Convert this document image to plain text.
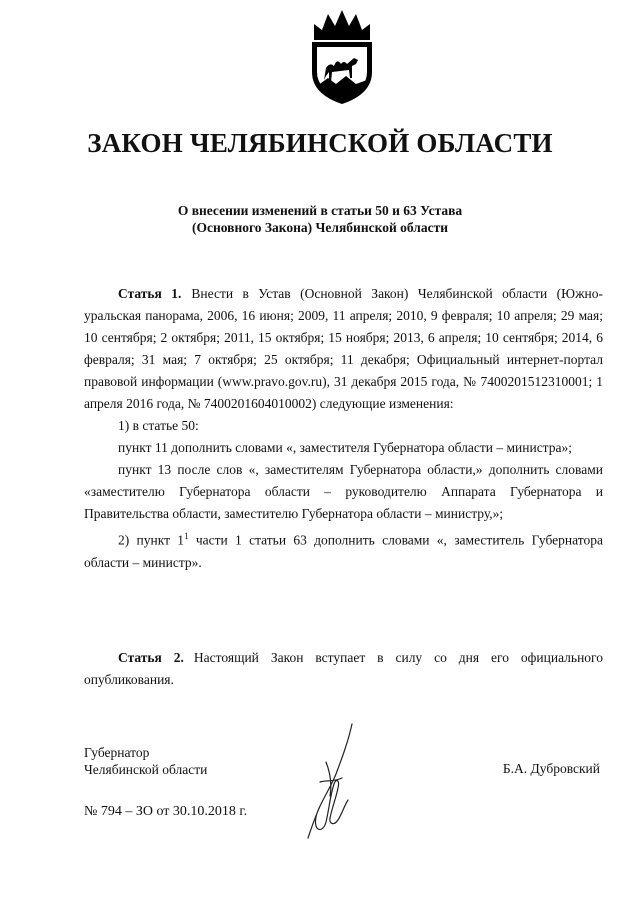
ЗАКОН ЧЕЛЯБИНСКОЙ ОБЛАСТИ
О внесении изменений в статьи 50 и 63 Устава
(Основного Закона) Челябинской области

Статья 1. Внести в Устав (Основной Закон) Челябинской области (Южно-уральская панорама, 2006, 16 июня; 2009, 11 апреля; 2010, 9 февраля; 10 апреля; 29 мая; 10 сентября; 2 октября; 2011, 15 октября; 15 ноября; 2013, 6 апреля; 10 сентября; 2014, 6 февраля; 31 мая; 7 октября; 25 октября; 11 декабря; Официальный интернет-портал правовой информации (www.pravo.gov.ru), 31 декабря 2015 года, № 7400201512310001; 1 апреля 2016 года, № 7400201604010002) следующие изменения:

1) в статье 50:

пункт 11 дополнить словами «, заместителя Губернатора области – министра»;

пункт 13 после слов «, заместителям Губернатора области,» дополнить словами «заместителю Губернатора области – руководителю Аппарата Губернатора и Правительства области, заместителю Губернатора области – министру,»;

2) пункт $1^1$ части 1 статьи 63 дополнить словами «, заместитель Губернатора области – министр».

Статья 2. Настоящий Закон вступает в силу со дня его официального опубликования.

Губернатор
Челябинской области	Б.А. Дубровский
№ 794 – ЗО от 30.10.2018 г.
